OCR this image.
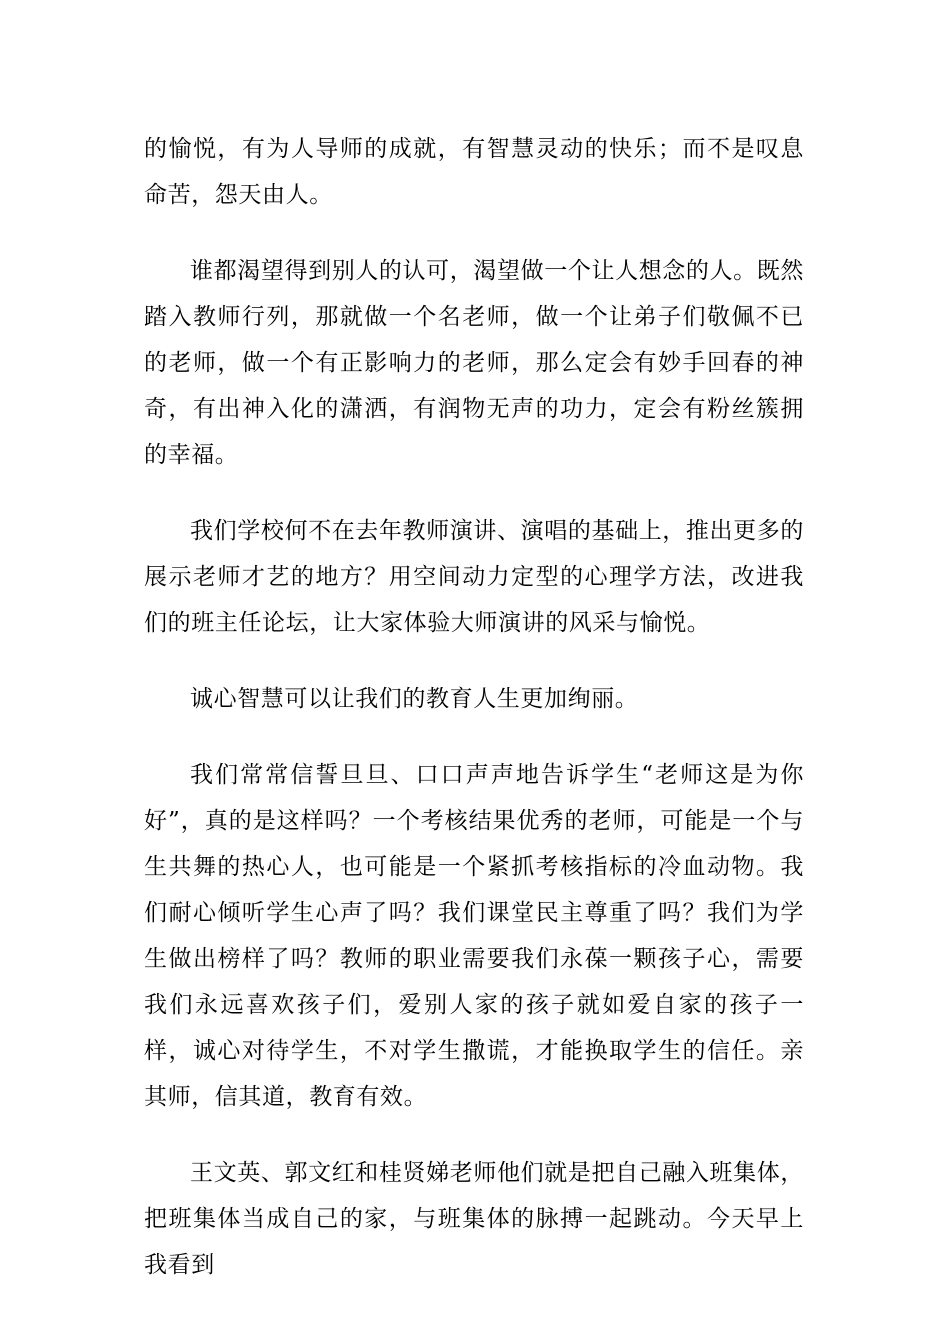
的愉悦，有为人导师的成就，有智慧灵动的快乐；而不是叹息命苦，怨天由人。

谁都渴望得到别人的认可，渴望做一个让人想念的人。既然踏入教师行列，那就做一个名老师，做一个让弟子们敬佩不已的老师，做一个有正影响力的老师，那么定会有妙手回春的神奇，有出神入化的潇洒，有润物无声的功力，定会有粉丝簇拥的幸福。

我们学校何不在去年教师演讲、演唱的基础上，推出更多的展示老师才艺的地方？用空间动力定型的心理学方法，改进我们的班主任论坛，让大家体验大师演讲的风采与愉悦。

诚心智慧可以让我们的教育人生更加绚丽。

我们常常信誓旦旦、口口声声地告诉学生“老师这是为你好”，真的是这样吗？一个考核结果优秀的老师，可能是一个与生共舞的热心人，也可能是一个紧抓考核指标的冷血动物。我们耐心倾听学生心声了吗？我们课堂民主尊重了吗？我们为学生做出榜样了吗？教师的职业需要我们永葆一颗孩子心，需要我们永远喜欢孩子们，爱别人家的孩子就如爱自家的孩子一样，诚心对待学生，不对学生撒谎，才能换取学生的信任。亲其师，信其道，教育有效。

王文英、郭文红和桂贤娣老师他们就是把自己融入班集体，把班集体当成自己的家，与班集体的脉搏一起跳动。今天早上我看到
